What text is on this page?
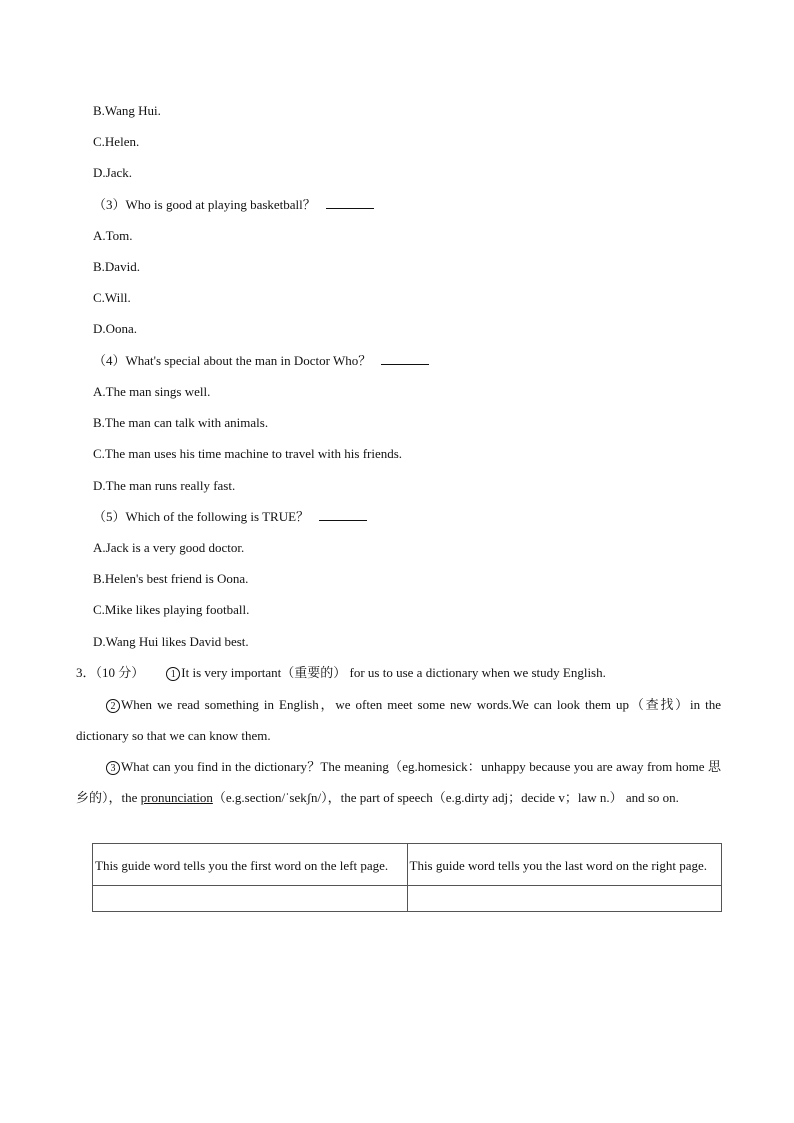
B.Wang Hui.
C.Helen.
D.Jack.
（3）Who is good at playing basketball？
A.Tom.
B.David.
C.Will.
D.Oona.
（4）What's special about the man in Doctor Who？
A.The man sings well.
B.The man can talk with animals.
C.The man uses his time machine to travel with his friends.
D.The man runs really fast.
（5）Which of the following is TRUE？
A.Jack is a very good doctor.
B.Helen's best friend is Oona.
C.Mike likes playing football.
D.Wang Hui likes David best.
3．（10 分）	1 It is very important（重要的） for us to use a dictionary when we study English.
2 When we read something in English，we often meet some new words.We can look them up（查找）in the dictionary so that we can know them.
3 What can you find in the dictionary？The meaning（eg.homesick：unhappy because you are away from home 思乡的），the pronunciation（e.g.section/ˈsekʃn/），the part of speech（e.g.dirty adj；decide v；law n.） and so on.
This guide word tells you the first word on the left page.	This guide word tells you the last word on the right page.
